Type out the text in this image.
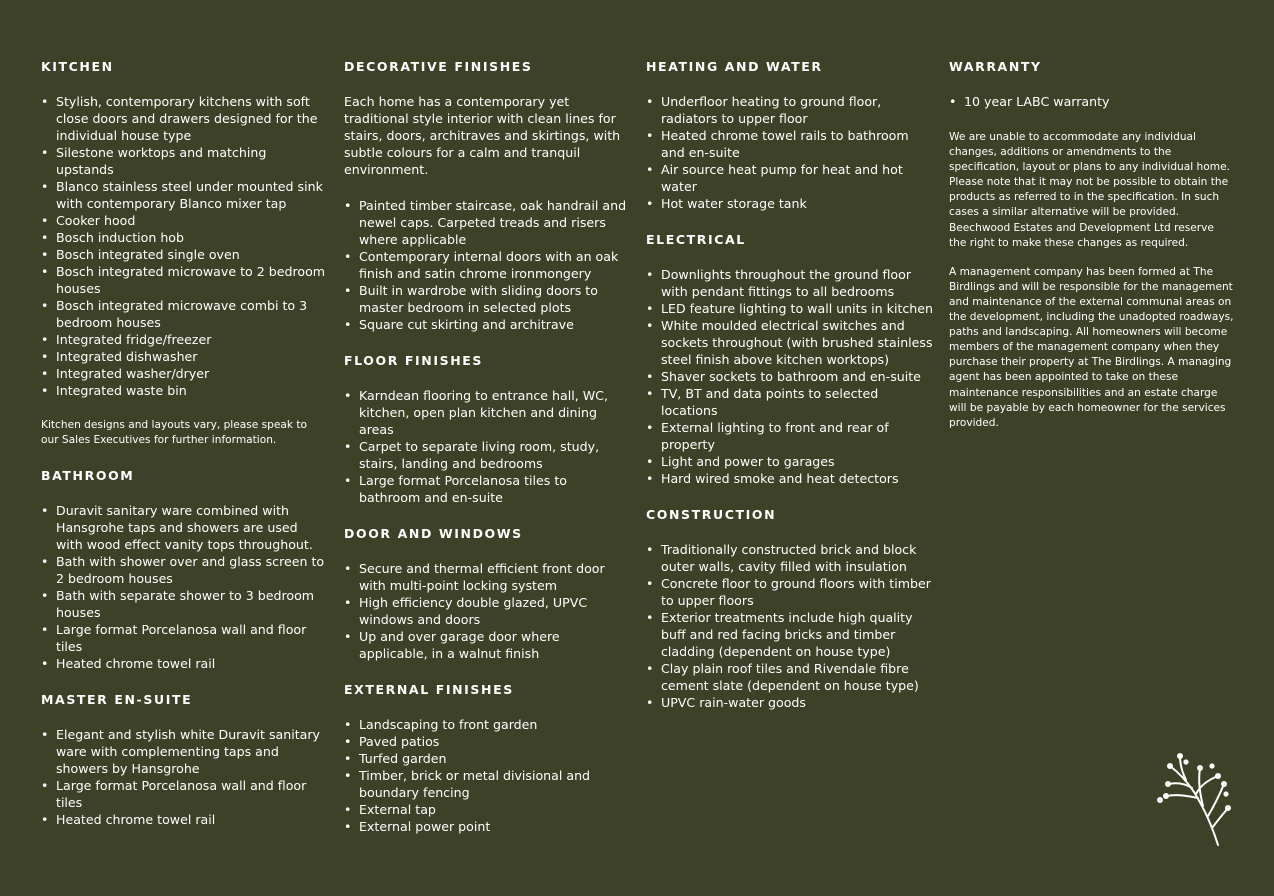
KITCHEN
• Stylish, contemporary kitchens with soft close doors and drawers designed for the individual house type
• Silestone worktops and matching upstands
• Blanco stainless steel under mounted sink with contemporary Blanco mixer tap
• Cooker hood
• Bosch induction hob
• Bosch integrated single oven
• Bosch integrated microwave to 2 bedroom houses
• Bosch integrated microwave combi to 3 bedroom houses
• Integrated fridge/freezer
• Integrated dishwasher
• Integrated washer/dryer
• Integrated waste bin

Kitchen designs and layouts vary, please speak to our Sales Executives for further information.

BATHROOM
• Duravit sanitary ware combined with Hansgrohe taps and showers are used with wood effect vanity tops throughout.
• Bath with shower over and glass screen to 2 bedroom houses
• Bath with separate shower to 3 bedroom houses
• Large format Porcelanosa wall and floor tiles
• Heated chrome towel rail
MASTER EN-SUITE
• Elegant and stylish white Duravit sanitary ware with complementing taps and showers by Hansgrohe
• Large format Porcelanosa wall and floor tiles
• Heated chrome towel rail
DECORATIVE FINISHES

Each home has a contemporary yet traditional style interior with clean lines for stairs, doors, architraves and skirtings, with subtle colours for a calm and tranquil environment.

• Painted timber staircase, oak handrail and newel caps. Carpeted treads and risers where applicable
• Contemporary internal doors with an oak finish and satin chrome ironmongery
• Built in wardrobe with sliding doors to master bedroom in selected plots
• Square cut skirting and architrave
FLOOR FINISHES
• Karndean flooring to entrance hall, WC, kitchen, open plan kitchen and dining areas
• Carpet to separate living room, study, stairs, landing and bedrooms
• Large format Porcelanosa tiles to bathroom and en-suite
DOOR AND WINDOWS
• Secure and thermal efficient front door with multi-point locking system
• High efficiency double glazed, UPVC windows and doors
• Up and over garage door where applicable, in a walnut finish
EXTERNAL FINISHES
• Landscaping to front garden
• Paved patios
• Turfed garden
• Timber, brick or metal divisional and boundary fencing
• External tap
• External power point
HEATING AND WATER
• Underfloor heating to ground floor, radiators to upper floor
• Heated chrome towel rails to bathroom and en-suite
• Air source heat pump for heat and hot water
• Hot water storage tank
ELECTRICAL
• Downlights throughout the ground floor with pendant fittings to all bedrooms
• LED feature lighting to wall units in kitchen
• White moulded electrical switches and sockets throughout (with brushed stainless steel finish above kitchen worktops)
• Shaver sockets to bathroom and en-suite
• TV, BT and data points to selected locations
• External lighting to front and rear of property
• Light and power to garages
• Hard wired smoke and heat detectors
CONSTRUCTION
• Traditionally constructed brick and block outer walls, cavity filled with insulation
• Concrete floor to ground floors with timber to upper floors
• Exterior treatments include high quality buff and red facing bricks and timber cladding (dependent on house type)
• Clay plain roof tiles and Rivendale fibre cement slate (dependent on house type)
• UPVC rain-water goods
WARRANTY
• 10 year LABC warranty

We are unable to accommodate any individual changes, additions or amendments to the specification, layout or plans to any individual home. Please note that it may not be possible to obtain the products as referred to in the specification. In such cases a similar alternative will be provided. Beechwood Estates and Development Ltd reserve the right to make these changes as required.

A management company has been formed at The Birdlings and will be responsible for the management and maintenance of the external communal areas on the development, including the unadopted roadways, paths and landscaping. All homeowners will become members of the management company when they purchase their property at The Birdlings. A managing agent has been appointed to take on these maintenance responsibilities and an estate charge will be payable by each homeowner for the services provided.
